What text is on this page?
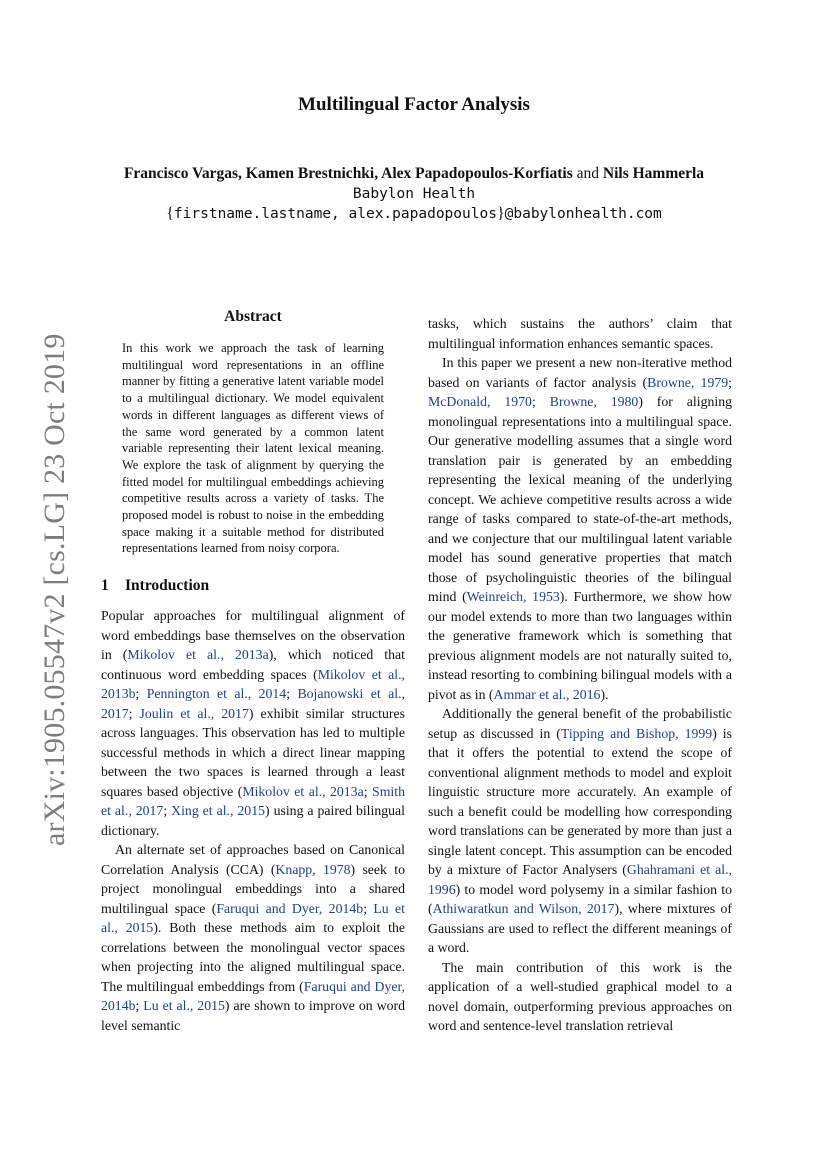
arXiv:1905.05547v2 [cs.LG] 23 Oct 2019
Multilingual Factor Analysis
Francisco Vargas, Kamen Brestnichki, Alex Papadopoulos-Korfiatis and Nils Hammerla
Babylon Health
{firstname.lastname, alex.papadopoulos}@babylonhealth.com
Abstract

In this work we approach the task of learning multilingual word representations in an offline manner by fitting a generative latent variable model to a multilingual dictionary. We model equivalent words in different languages as different views of the same word generated by a common latent variable representing their latent lexical meaning. We explore the task of alignment by querying the fitted model for multilingual embeddings achieving competitive results across a variety of tasks. The proposed model is robust to noise in the embedding space making it a suitable method for distributed representations learned from noisy corpora.

1 Introduction

Popular approaches for multilingual alignment of word embeddings base themselves on the observation in (Mikolov et al., 2013a), which noticed that continuous word embedding spaces (Mikolov et al., 2013b; Pennington et al., 2014; Bojanowski et al., 2017; Joulin et al., 2017) exhibit similar structures across languages. This observation has led to multiple successful methods in which a direct linear mapping between the two spaces is learned through a least squares based objective (Mikolov et al., 2013a; Smith et al., 2017; Xing et al., 2015) using a paired bilingual dictionary.

An alternate set of approaches based on Canonical Correlation Analysis (CCA) (Knapp, 1978) seek to project monolingual embeddings into a shared multilingual space (Faruqui and Dyer, 2014b; Lu et al., 2015). Both these methods aim to exploit the correlations between the monolingual vector spaces when projecting into the aligned multilingual space. The multilingual embeddings from (Faruqui and Dyer, 2014b; Lu et al., 2015) are shown to improve on word level semantic

tasks, which sustains the authors’ claim that multilingual information enhances semantic spaces.

In this paper we present a new non-iterative method based on variants of factor analysis (Browne, 1979; McDonald, 1970; Browne, 1980) for aligning monolingual representations into a multilingual space. Our generative modelling assumes that a single word translation pair is generated by an embedding representing the lexical meaning of the underlying concept. We achieve competitive results across a wide range of tasks compared to state-of-the-art methods, and we conjecture that our multilingual latent variable model has sound generative properties that match those of psycholinguistic theories of the bilingual mind (Weinreich, 1953). Furthermore, we show how our model extends to more than two languages within the generative framework which is something that previous alignment models are not naturally suited to, instead resorting to combining bilingual models with a pivot as in (Ammar et al., 2016).

Additionally the general benefit of the probabilistic setup as discussed in (Tipping and Bishop, 1999) is that it offers the potential to extend the scope of conventional alignment methods to model and exploit linguistic structure more accurately. An example of such a benefit could be modelling how corresponding word translations can be generated by more than just a single latent concept. This assumption can be encoded by a mixture of Factor Analysers (Ghahramani et al., 1996) to model word polysemy in a similar fashion to (Athiwaratkun and Wilson, 2017), where mixtures of Gaussians are used to reflect the different meanings of a word.

The main contribution of this work is the application of a well-studied graphical model to a novel domain, outperforming previous approaches on word and sentence-level translation retrieval
